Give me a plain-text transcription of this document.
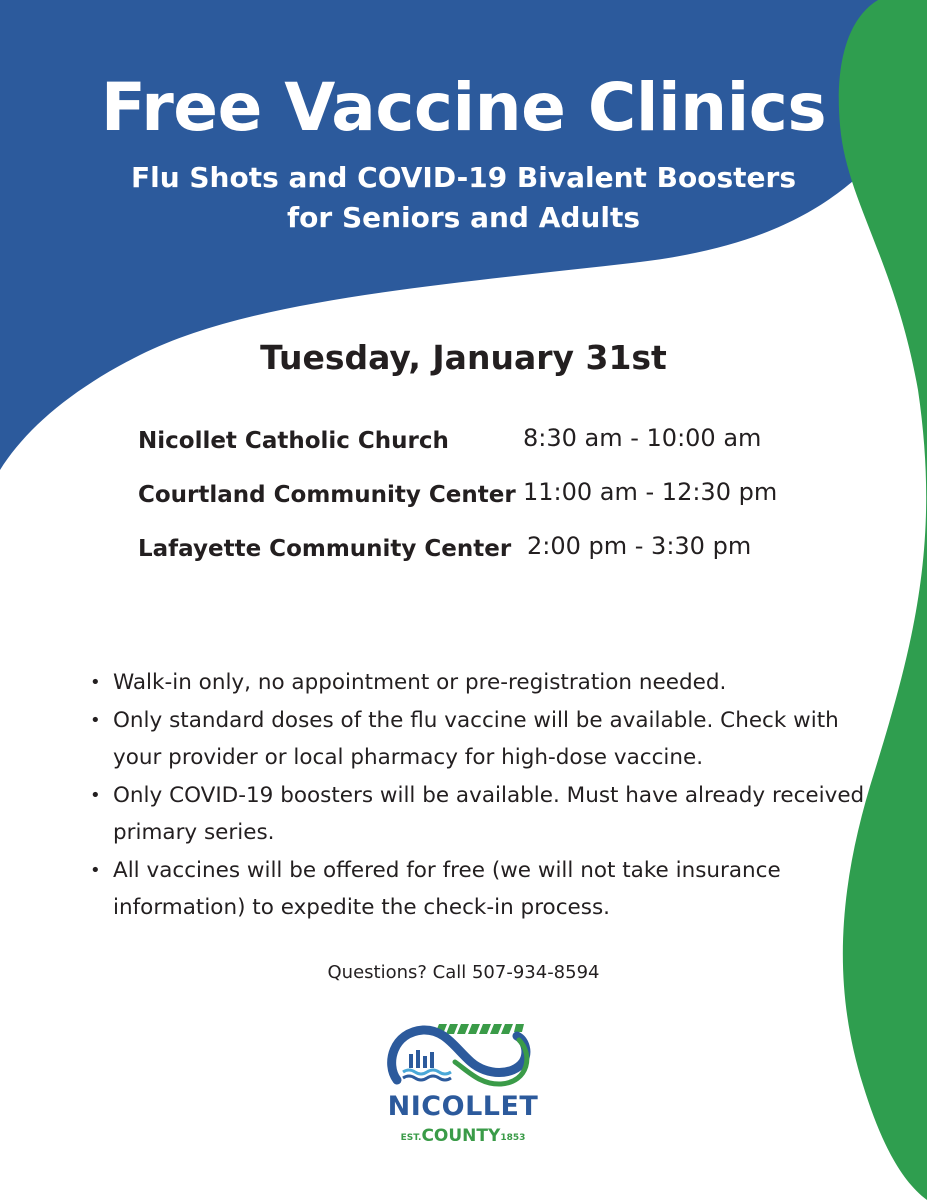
Free Vaccine Clinics
Flu Shots and COVID-19 Bivalent Boosters
for Seniors and Adults
Tuesday, January 31st
Nicollet Catholic Church	8:30 am - 10:00 am
Courtland Community Center 11:00 am - 12:30 pm
Lafayette Community Center 2:00 pm - 3:30 pm
• Walk-in only, no appointment or pre-registration needed.
• Only standard doses of the flu vaccine will be available. Check with your provider or local pharmacy for high-dose vaccine.
• Only COVID-19 boosters will be available. Must have already received primary series.
• All vaccines will be offered for free (we will not take insurance information) to expedite the check-in process.
Questions? Call 507-934-8594
NICOLLET
EST.COUNTY1853
